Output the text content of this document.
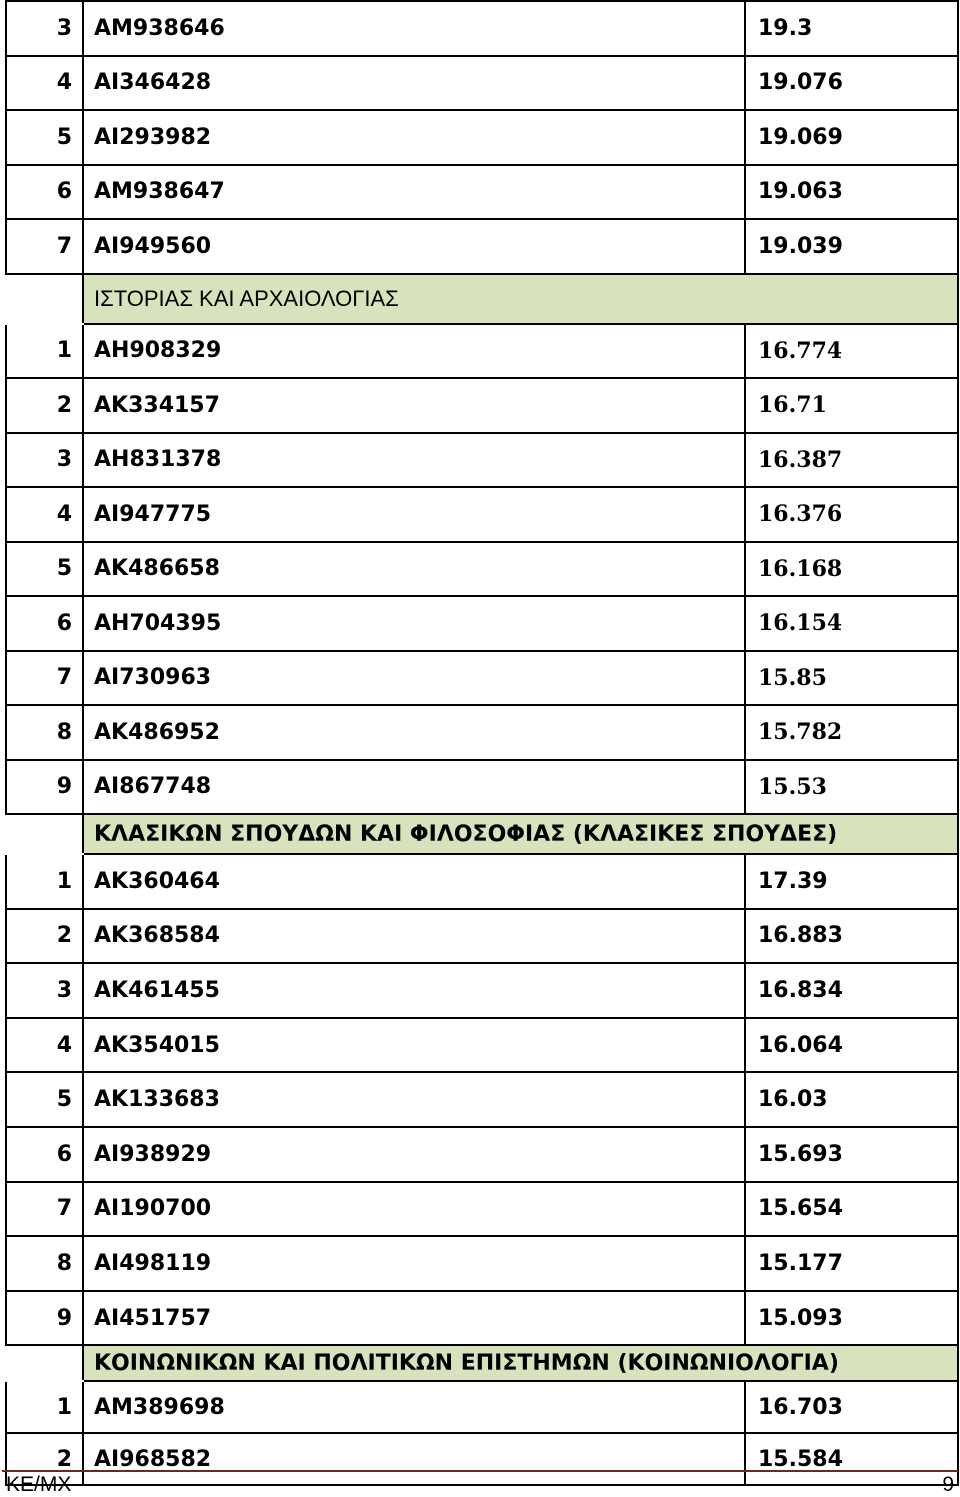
3	AM938646	19.3
4	AI346428	19.076
5	AI293982	19.069
6	AM938647	19.063
7	AI949560	19.039
	ΙΣΤΟΡΙΑΣ ΚΑΙ ΑΡΧΑΙΟΛΟΓΙΑΣ	
1	AH908329	16.774
2	AK334157	16.71
3	AH831378	16.387
4	AI947775	16.376
5	AK486658	16.168
6	AH704395	16.154
7	AI730963	15.85
8	AK486952	15.782
9	AI867748	15.53
	ΚΛΑΣΙΚΩΝ ΣΠΟΥΔΩΝ ΚΑΙ ΦΙΛΟΣΟΦΙΑΣ (ΚΛΑΣΙΚΕΣ ΣΠΟΥΔΕΣ)	
1	AK360464	17.39
2	AK368584	16.883
3	AK461455	16.834
4	AK354015	16.064
5	AK133683	16.03
6	AI938929	15.693
7	AI190700	15.654
8	AI498119	15.177
9	AI451757	15.093
	ΚΟΙΝΩΝΙΚΩΝ ΚΑΙ ΠΟΛΙΤΙΚΩΝ ΕΠΙΣΤΗΜΩΝ (ΚΟΙΝΩΝΙΟΛΟΓΙΑ)	
1	AM389698	16.703
2	AI968582	15.584
ΚΕ/ΜΧ	9
